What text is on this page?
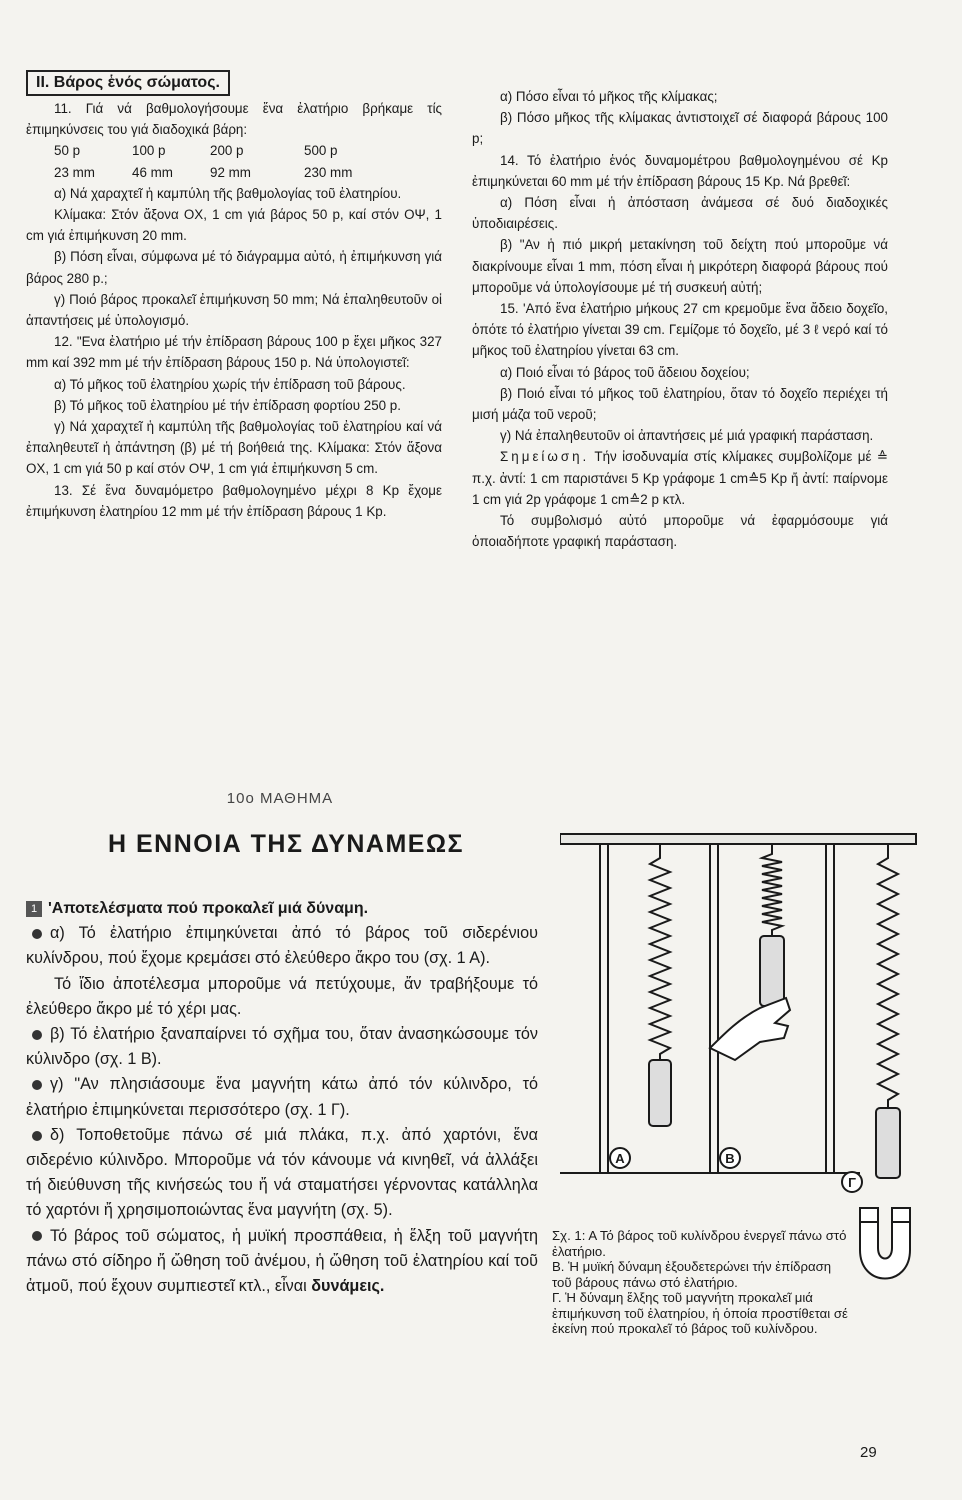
ΙΙ. Βάρος ἑνός σώματος.

11. Γιά νά βαθμολογήσουμε ἕνα ἐλατήριο βρήκαμε τίς ἐπιμηκύνσεις του γιά διαδοχικά βάρη:

50 p	100 p	200 p	500 p
23 mm	46 mm	92 mm	230 mm

α) Νά χαραχτεῖ ἡ καμπύλη τῆς βαθμολογίας τοῦ ἐλατηρίου.

Κλίμακα: Στόν ἄξονα ΟΧ, 1 cm γιά βάρος 50 p, καί στόν ΟΨ, 1 cm γιά ἐπιμήκυνση 20 mm.

β) Πόση εἶναι, σύμφωνα μέ τό διάγραμμα αὐτό, ἡ ἐπιμήκυνση γιά βάρος 280 p.;

γ) Ποιό βάρος προκαλεῖ ἐπιμήκυνση 50 mm; Νά ἐπαληθευτοῦν οἱ ἀπαντήσεις μέ ὑπολογισμό.

12. "Ενα ἐλατήριο μέ τήν ἐπίδραση βάρους 100 p ἔχει μῆκος 327 mm καί 392 mm μέ τήν ἐπίδραση βάρους 150 p. Νά ὑπολογιστεῖ:

α) Τό μῆκος τοῦ ἐλατηρίου χωρίς τήν ἐπίδραση τοῦ βάρους.

β) Τό μῆκος τοῦ ἐλατηρίου μέ τήν ἐπίδραση φορτίου 250 p.

γ) Νά χαραχτεῖ ἡ καμπύλη τῆς βαθμολογίας τοῦ ἐλατηρίου καί νά ἐπαληθευτεῖ ἡ ἀπάντηση (β) μέ τή βοήθειά της. Κλίμακα: Στόν ἄξονα ΟΧ, 1 cm γιά 50 p καί στόν ΟΨ, 1 cm γιά ἐπιμήκυνση 5 cm.

13. Σέ ἕνα δυναμόμετρο βαθμολογημένο μέχρι 8 Kp ἔχομε ἐπιμήκυνση ἐλατηρίου 12 mm μέ τήν ἐπίδραση βάρους 1 Kp.

α) Πόσο εἶναι τό μῆκος τῆς κλίμακας;

β) Πόσο μῆκος τῆς κλίμακας ἀντιστοιχεῖ σέ διαφορά βάρους 100 p;

14. Τό ἐλατήριο ἑνός δυναμομέτρου βαθμολογημένου σέ Kp ἐπιμηκύνεται 60 mm μέ τήν ἐπίδραση βάρους 15 Kp. Νά βρεθεῖ:

α) Πόση εἶναι ἡ ἀπόσταση ἀνάμεσα σέ δυό διαδοχικές ὑποδιαιρέσεις.

β) "Αν ἡ πιό μικρή μετακίνηση τοῦ δείχτη πού μποροῦμε νά διακρίνουμε εἶναι 1 mm, πόση εἶναι ἡ μικρότερη διαφορά βάρους πού μποροῦμε νά ὑπολογίσουμε μέ τή συσκευή αὐτή;

15. 'Από ἕνα ἐλατήριο μήκους 27 cm κρεμοῦμε ἕνα ἄδειο δοχεῖο, ὁπότε τό ἐλατήριο γίνεται 39 cm. Γεμίζομε τό δοχεῖο, μέ 3 ℓ νερό καί τό μῆκος τοῦ ἐλατηρίου γίνεται 63 cm.

α) Ποιό εἶναι τό βάρος τοῦ ἄδειου δοχείου;

β) Ποιό εἶναι τό μῆκος τοῦ ἐλατηρίου, ὅταν τό δοχεῖο περιέχει τή μισή μάζα τοῦ νεροῦ;

γ) Νά ἐπαληθευτοῦν οἱ ἀπαντήσεις μέ μιά γραφική παράσταση.

Σημείωση. Τήν ἰσοδυναμία στίς κλίμακες συμβολίζομε μέ ≙ π.χ. ἀντί: 1 cm παριστάνει 5 Kp γράφομε 1 cm≙5 Kp ἤ ἀντί: παίρνομε 1 cm γιά 2p γράφομε 1 cm≙2 p κτλ.

Τό συμβολισμό αὐτό μποροῦμε νά ἐφαρμόσουμε γιά ὁποιαδήποτε γραφική παράσταση.

10ο ΜΑΘΗΜΑ
Η ΕΝΝΟΙΑ ΤΗΣ ΔΥΝΑΜΕΩΣ

1 'Αποτελέσματα πού προκαλεῖ μιά δύναμη.

α) Τό ἐλατήριο ἐπιμηκύνεται ἀπό τό βάρος τοῦ σιδερένιου κυλίνδρου, πού ἔχομε κρεμάσει στό ἐλεύθερο ἄκρο του (σχ. 1 Α).

Τό ἴδιο ἀποτέλεσμα μποροῦμε νά πετύχουμε, ἄν τραβήξουμε τό ἐλεύθερο ἄκρο μέ τό χέρι μας.

β) Τό ἐλατήριο ξαναπαίρνει τό σχῆμα του, ὅταν ἀνασηκώσουμε τόν κύλινδρο (σχ. 1 Β).

γ) "Αν πλησιάσουμε ἕνα μαγνήτη κάτω ἀπό τόν κύλινδρο, τό ἐλατήριο ἐπιμηκύνεται περισσότερο (σχ. 1 Γ).

δ) Τοποθετοῦμε πάνω σέ μιά πλάκα, π.χ. ἀπό χαρτόνι, ἕνα σιδερένιο κύλινδρο. Μποροῦμε νά τόν κάνουμε νά κινηθεῖ, νά ἀλλάξει τή διεύθυνση τῆς κινήσεώς του ἤ νά σταματήσει γέρνοντας κατάλληλα τό χαρτόνι ἤ χρησιμοποιώντας ἕνα μαγνήτη (σχ. 5).

Τό βάρος τοῦ σώματος, ἡ μυϊκή προσπάθεια, ἡ ἕλξη τοῦ μαγνήτη πάνω στό σίδηρο ἤ ὤθηση τοῦ ἀνέμου, ἡ ὤθηση τοῦ ἐλατηρίου καί τοῦ ἀτμοῦ, πού ἔχουν συμπιεστεῖ κτλ., εἶναι δυνάμεις.

A	B
Γ

Σχ. 1: Α Τό βάρος τοῦ κυλίνδρου ἐνεργεῖ πάνω στό ἐλατήριο.

Β. Ἡ μυϊκή δύναμη ἐξουδετερώνει τήν ἐπίδραση τοῦ βάρους πάνω στό ἐλατήριο.

Γ. Ἡ δύναμη ἕλξης τοῦ μαγνήτη προκαλεῖ μιά ἐπιμήκυνση τοῦ ἐλατηρίου, ἡ ὁποία προστίθεται σέ ἐκείνη πού προκαλεῖ τό βάρος τοῦ κυλίνδρου.

29
